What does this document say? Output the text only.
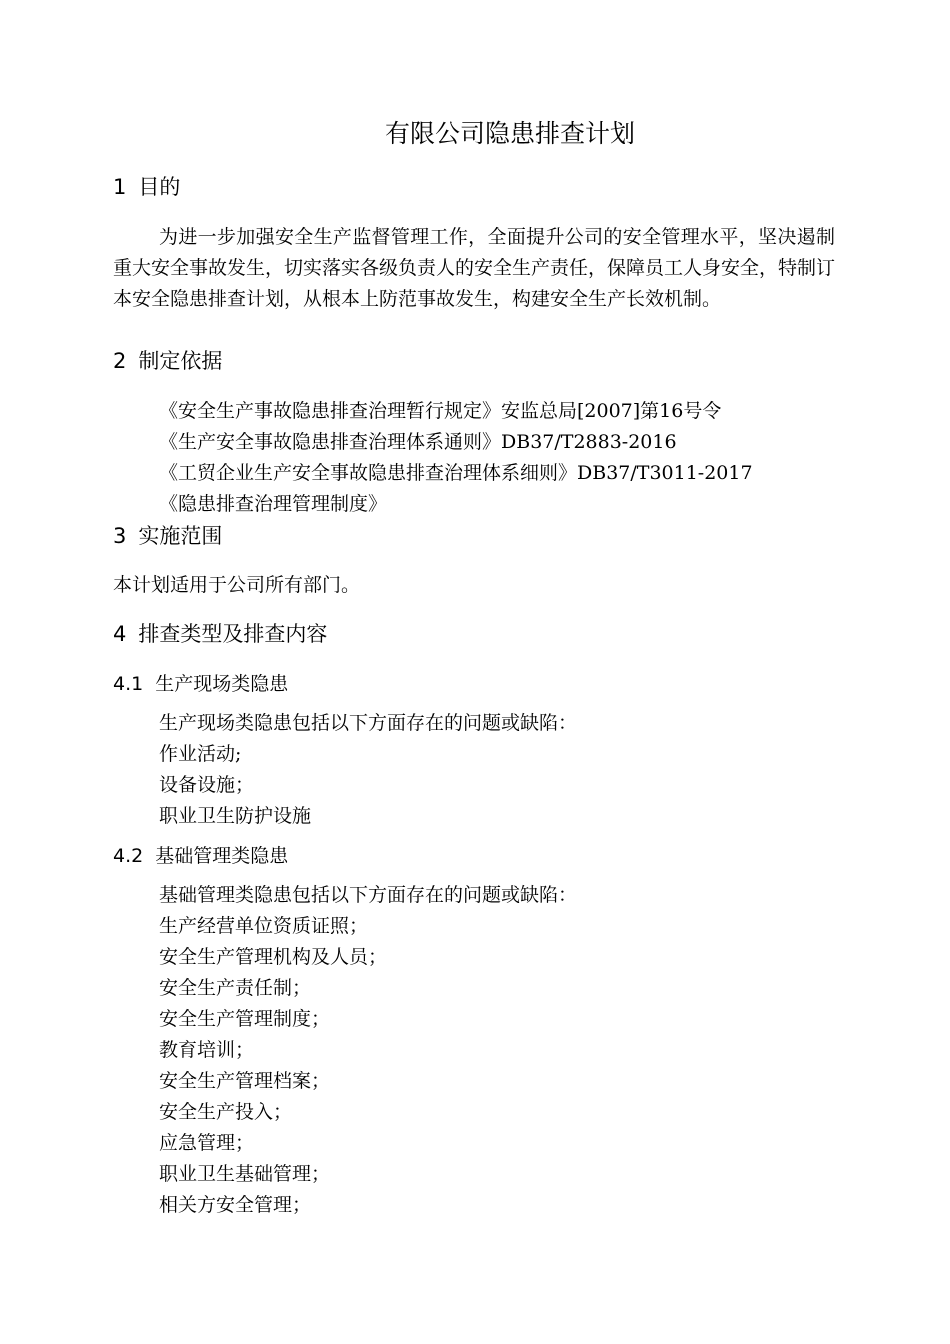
有限公司隐患排查计划
1 目的

为进一步加强安全生产监督管理工作，全面提升公司的安全管理水平，坚决遏制重大安全事故发生，切实落实各级负责人的安全生产责任，保障员工人身安全，特制订本安全隐患排查计划，从根本上防范事故发生，构建安全生产长效机制。

2 制定依据
《安全生产事故隐患排查治理暂行规定》安监总局[2007]第16号令
《生产安全事故隐患排查治理体系通则》DB37/T2883-2016
《工贸企业生产安全事故隐患排查治理体系细则》DB37/T3011-2017
《隐患排查治理管理制度》
3 实施范围
本计划适用于公司所有部门。
4 排查类型及排查内容
4.1 生产现场类隐患
生产现场类隐患包括以下方面存在的问题或缺陷：
作业活动;
设备设施；
职业卫生防护设施
4.2 基础管理类隐患
基础管理类隐患包括以下方面存在的问题或缺陷：
生产经营单位资质证照；
安全生产管理机构及人员；
安全生产责任制；
安全生产管理制度；
教育培训；
安全生产管理档案；
安全生产投入；
应急管理；
职业卫生基础管理；
相关方安全管理；
